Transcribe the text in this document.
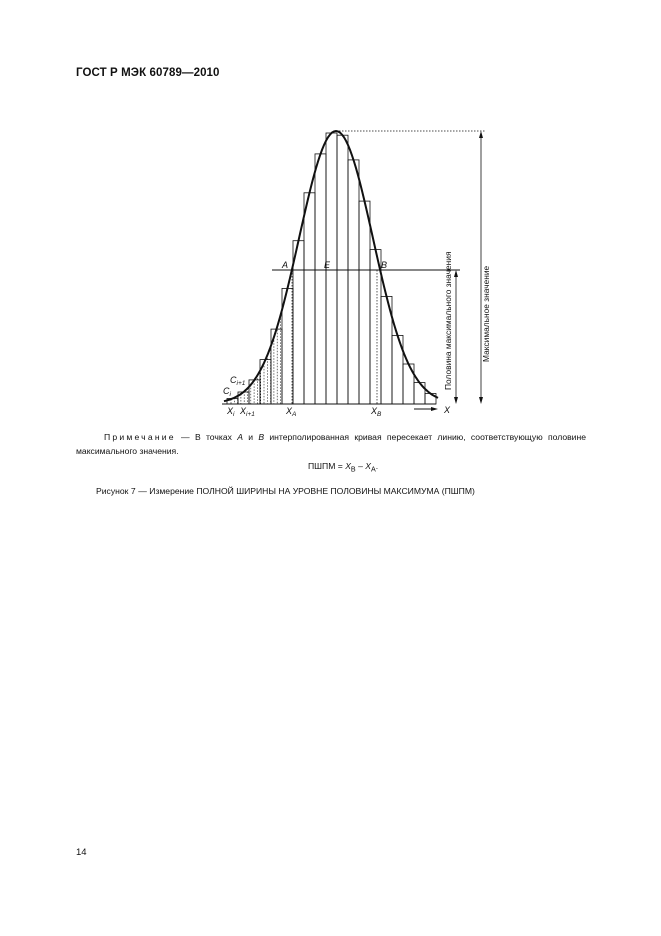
ГОСТ Р МЭК 60789—2010
Половина максимального значения	Максимальное значение
A	E	B
$C_i$
$C_{i+1}$
$X_i$ $X_{i+1}$	$X_A$	$X_B$	X
Примечание — В точках A и B интерполированная кривая пересекает линию, соответствующую половине максимального значения.
ПШПМ = $X_B - X_A$.
Рисунок 7 — Измерение ПОЛНОЙ ШИРИНЫ НА УРОВНЕ ПОЛОВИНЫ МАКСИМУМА (ПШПМ)
14
